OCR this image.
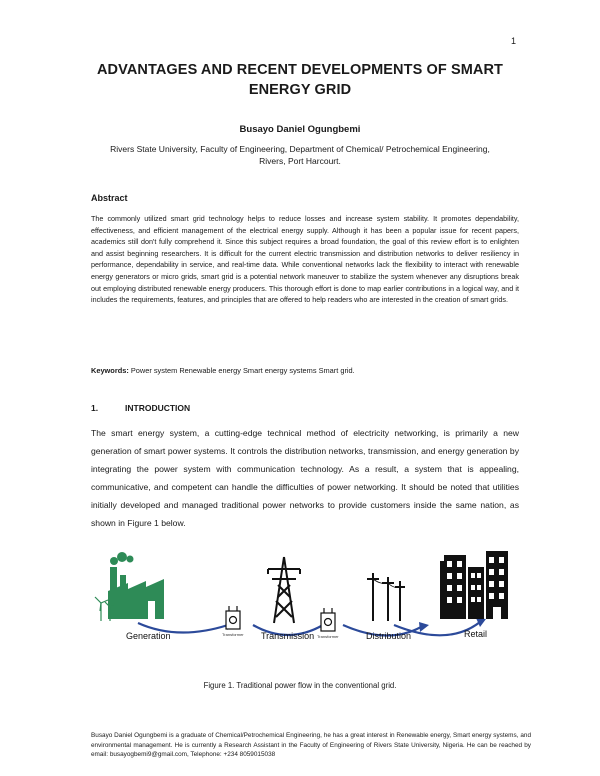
1
ADVANTAGES AND RECENT DEVELOPMENTS OF SMART ENERGY GRID
Busayo Daniel Ogungbemi
Rivers State University, Faculty of Engineering, Department of Chemical/ Petrochemical Engineering, Rivers, Port Harcourt.
Abstract
The commonly utilized smart grid technology helps to reduce losses and increase system stability. It promotes dependability, effectiveness, and efficient management of the electrical energy supply. Although it has been a popular issue for recent papers, academics still don't fully comprehend it. Since this subject requires a broad foundation, the goal of this review effort is to enlighten and assist beginning researchers. It is difficult for the current electric transmission and distribution networks to deliver resiliency in performance, dependability in service, and real-time data. While conventional networks lack the flexibility to interact with renewable energy generators or micro grids, smart grid is a potential network maneuver to stabilize the system whenever any disruptions break out employing distributed renewable energy producers. This thorough effort is done to map earlier contributions in a logical way, and it includes the requirements, features, and principles that are offered to help readers who are interested in the creation of smart grids.
Keywords: Power system Renewable energy Smart energy systems Smart grid.
1.	INTRODUCTION
The smart energy system, a cutting-edge technical method of electricity networking, is primarily a new generation of smart power systems. It controls the distribution networks, transmission, and energy generation by integrating the power system with communication technology. As a result, a system that is appealing, communicative, and competent can handle the difficulties of power networking. It should be noted that utilities initially developed and managed traditional power networks to provide customers inside the same nation, as shown in Figure 1 below.
Generation	Transformer Transmission Transformer	Distribution	Retail
Figure 1. Traditional power flow in the conventional grid.
Busayo Daniel Ogungbemi is a graduate of Chemical/Petrochemical Engineering, he has a great interest in Renewable energy, Smart energy systems, and environmental management. He is currently a Research Assistant in the Faculty of Engineering of Rivers State University, Nigeria. He can be reached by email: busayogbemi9@gmail.com, Telephone: +234 8059015038
